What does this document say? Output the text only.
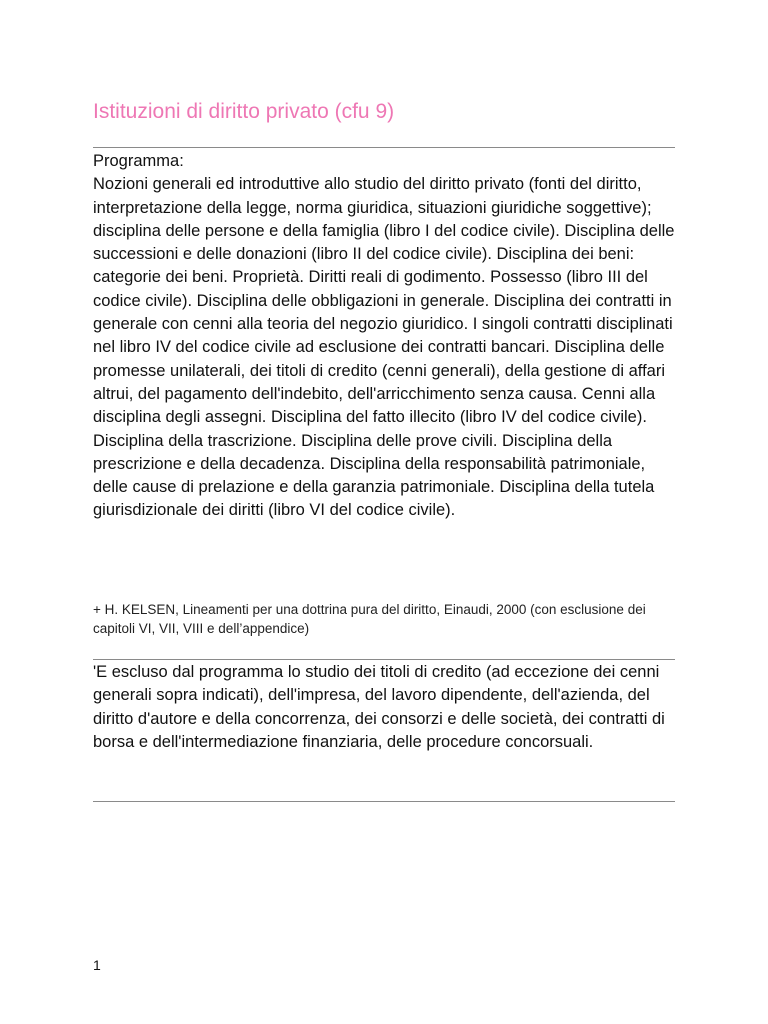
Istituzioni di diritto privato (cfu 9)

Programma:

Nozioni generali ed introduttive allo studio del diritto privato (fonti del diritto, interpretazione della legge, norma giuridica, situazioni giuridiche soggettive); disciplina delle persone e della famiglia (libro I del codice civile). Disciplina delle successioni e delle donazioni (libro II del codice civile). Disciplina dei beni: categorie dei beni. Proprietà. Diritti reali di godimento. Possesso (libro III del codice civile). Disciplina delle obbligazioni in generale. Disciplina dei contratti in generale con cenni alla teoria del negozio giuridico. I singoli contratti disciplinati nel libro IV del codice civile ad esclusione dei contratti bancari. Disciplina delle promesse unilaterali, dei titoli di credito (cenni generali), della gestione di affari altrui, del pagamento dell'indebito, dell'arricchimento senza causa. Cenni alla disciplina degli assegni. Disciplina del fatto illecito (libro IV del codice civile). Disciplina della trascrizione. Disciplina delle prove civili. Disciplina della prescrizione e della decadenza. Disciplina della responsabilità patrimoniale, delle cause di prelazione e della garanzia patrimoniale. Disciplina della tutela giurisdizionale dei diritti (libro VI del codice civile).

+ H. KELSEN, Lineamenti per una dottrina pura del diritto, Einaudi, 2000 (con esclusione dei capitoli VI, VII, VIII e dell’appendice)

'E escluso dal programma lo studio dei titoli di credito (ad eccezione dei cenni generali sopra indicati), dell'impresa, del lavoro dipendente, dell'azienda, del diritto d'autore e della concorrenza, dei consorzi e delle società, dei contratti di borsa e dell'intermediazione finanziaria, delle procedure concorsuali.

1
